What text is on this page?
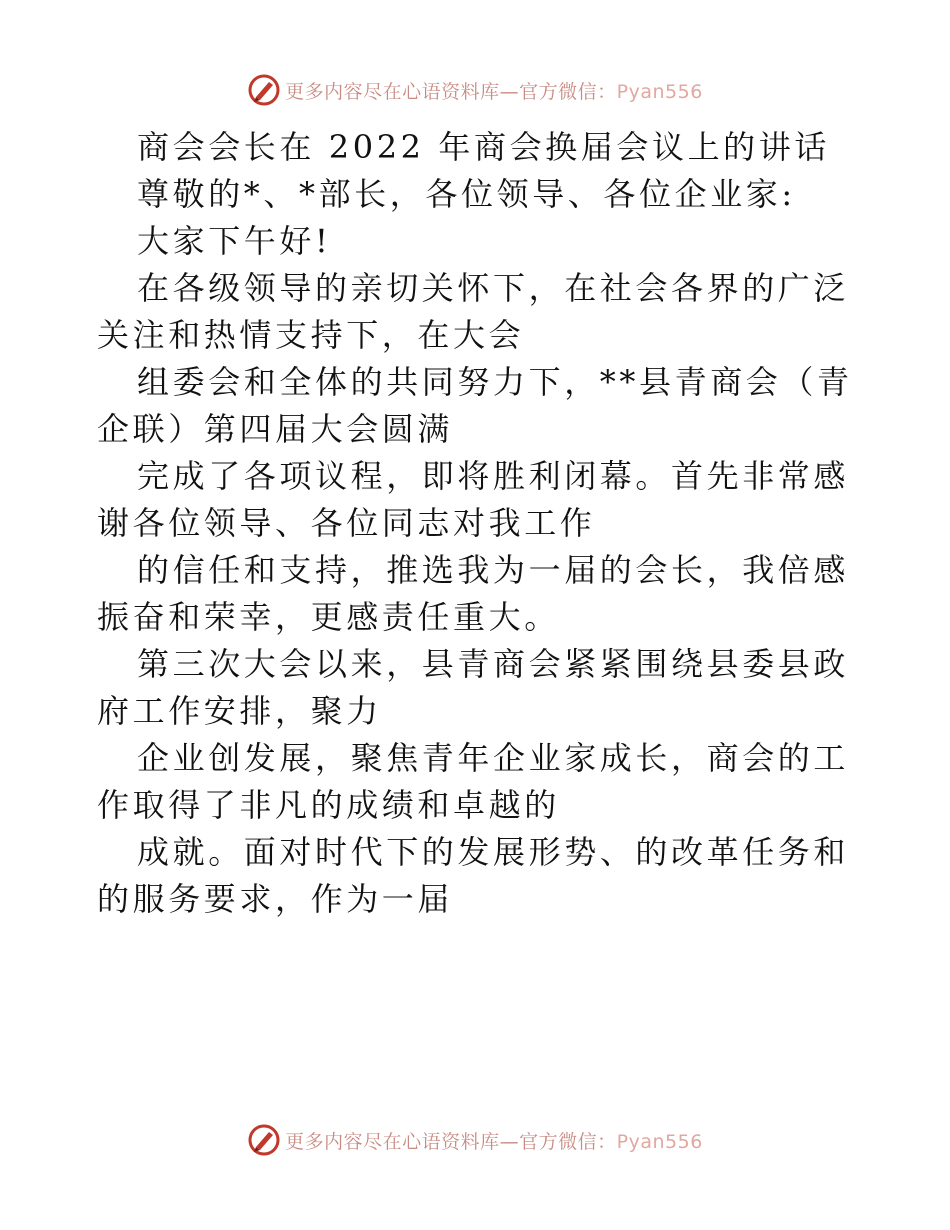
更多内容尽在心语资料库—官方微信：Pyan556

商会会长在 2022 年商会换届会议上的讲话

尊敬的*、*部长，各位领导、各位企业家:

大家下午好!

在各级领导的亲切关怀下，在社会各界的广泛关注和热情支持下，在大会

组委会和全体的共同努力下，**县青商会（青企联）第四届大会圆满

完成了各项议程，即将胜利闭幕。首先非常感谢各位领导、各位同志对我工作

的信任和支持，推选我为一届的会长，我倍感振奋和荣幸，更感责任重大。

第三次大会以来，县青商会紧紧围绕县委县政府工作安排，聚力

企业创发展，聚焦青年企业家成长，商会的工作取得了非凡的成绩和卓越的

成就。面对时代下的发展形势、的改革任务和的服务要求，作为一届

更多内容尽在心语资料库—官方微信：Pyan556
